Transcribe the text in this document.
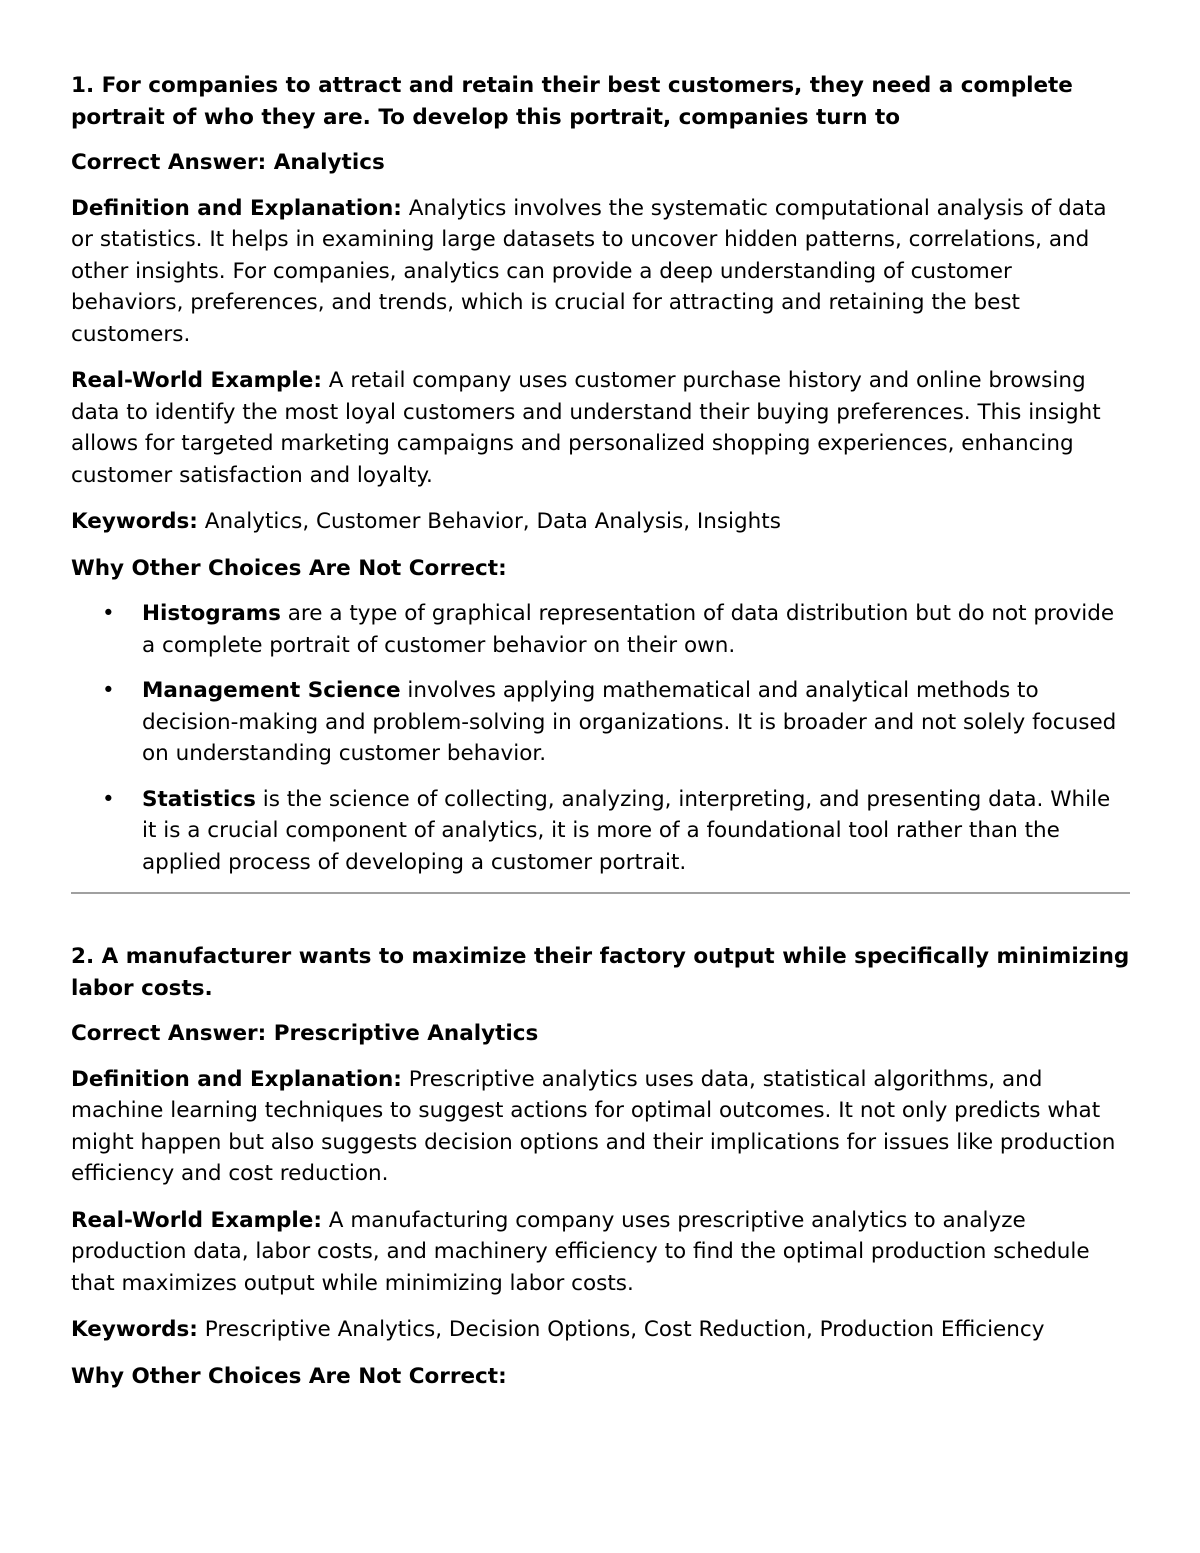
1. For companies to attract and retain their best customers, they need a complete portrait of who they are. To develop this portrait, companies turn to
Correct Answer: Analytics
Definition and Explanation: Analytics involves the systematic computational analysis of data or statistics. It helps in examining large datasets to uncover hidden patterns, correlations, and other insights. For companies, analytics can provide a deep understanding of customer behaviors, preferences, and trends, which is crucial for attracting and retaining the best customers.
Real-World Example: A retail company uses customer purchase history and online browsing data to identify the most loyal customers and understand their buying preferences. This insight allows for targeted marketing campaigns and personalized shopping experiences, enhancing customer satisfaction and loyalty.
Keywords: Analytics, Customer Behavior, Data Analysis, Insights
Why Other Choices Are Not Correct:
• Histograms are a type of graphical representation of data distribution but do not provide a complete portrait of customer behavior on their own.
• Management Science involves applying mathematical and analytical methods to decision-making and problem-solving in organizations. It is broader and not solely focused on understanding customer behavior.
• Statistics is the science of collecting, analyzing, interpreting, and presenting data. While it is a crucial component of analytics, it is more of a foundational tool rather than the applied process of developing a customer portrait.
2. A manufacturer wants to maximize their factory output while specifically minimizing labor costs.
Correct Answer: Prescriptive Analytics
Definition and Explanation: Prescriptive analytics uses data, statistical algorithms, and machine learning techniques to suggest actions for optimal outcomes. It not only predicts what might happen but also suggests decision options and their implications for issues like production efficiency and cost reduction.
Real-World Example: A manufacturing company uses prescriptive analytics to analyze production data, labor costs, and machinery efficiency to find the optimal production schedule that maximizes output while minimizing labor costs.
Keywords: Prescriptive Analytics, Decision Options, Cost Reduction, Production Efficiency
Why Other Choices Are Not Correct:
